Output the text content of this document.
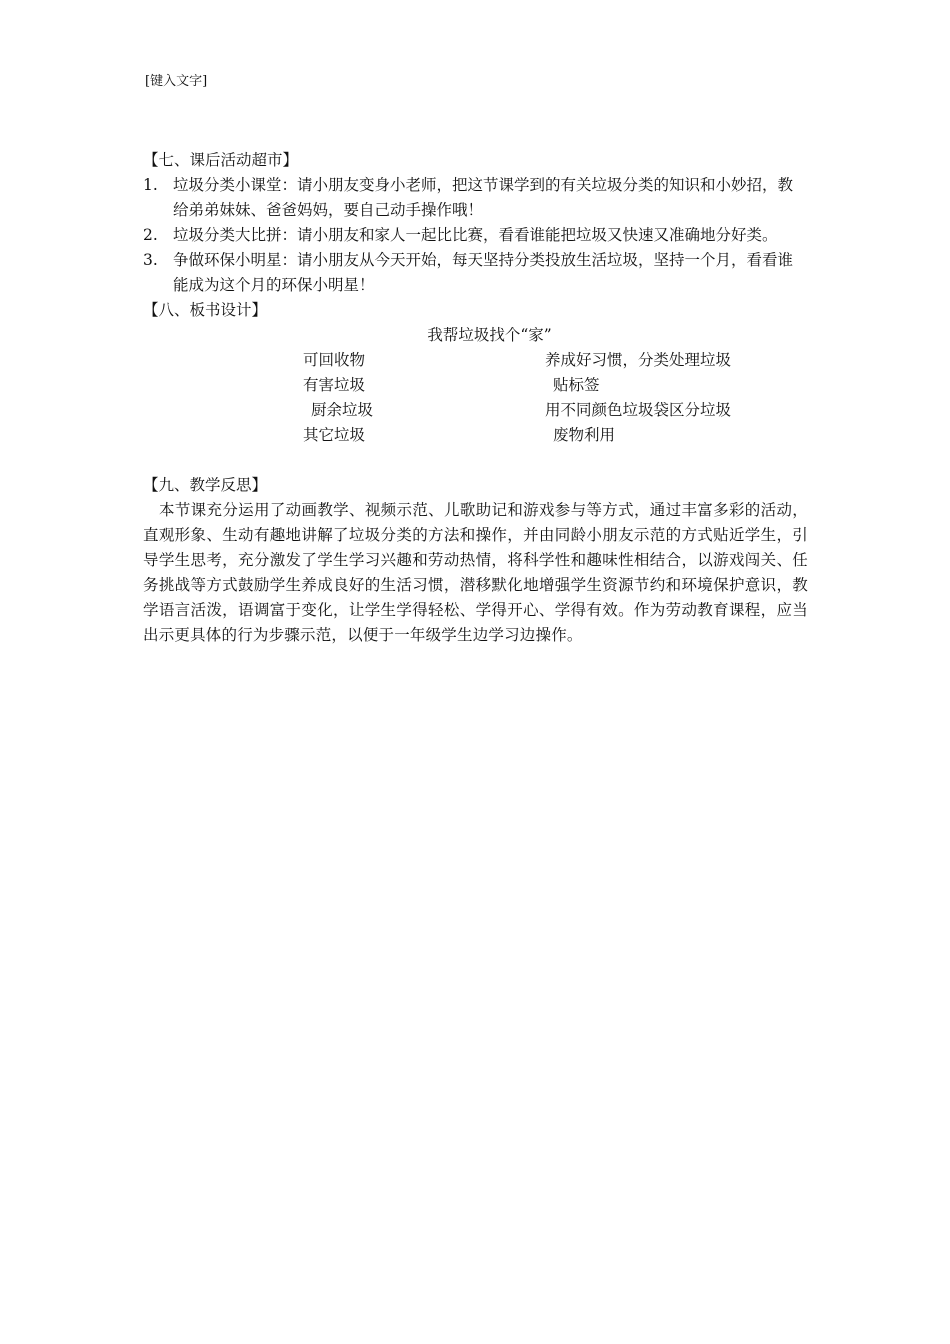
[键入文字]

【七、课后活动超市】

1. 垃圾分类小课堂：请小朋友变身小老师，把这节课学到的有关垃圾分类的知识和小妙招，教给弟弟妹妹、爸爸妈妈，要自己动手操作哦！
2. 垃圾分类大比拼：请小朋友和家人一起比比赛，看看谁能把垃圾又快速又准确地分好类。
3. 争做环保小明星：请小朋友从今天开始，每天坚持分类投放生活垃圾，坚持一个月，看看谁能成为这个月的环保小明星！

【八、板书设计】

我帮垃圾找个“家”
可回收物	养成好习惯，分类处理垃圾
有害垃圾	贴标签
厨余垃圾	用不同颜色垃圾袋区分垃圾
其它垃圾	废物利用

【九、教学反思】

本节课充分运用了动画教学、视频示范、儿歌助记和游戏参与等方式，通过丰富多彩的活动，直观形象、生动有趣地讲解了垃圾分类的方法和操作，并由同龄小朋友示范的方式贴近学生，引导学生思考，充分激发了学生学习兴趣和劳动热情，将科学性和趣味性相结合，以游戏闯关、任务挑战等方式鼓励学生养成良好的生活习惯，潜移默化地增强学生资源节约和环境保护意识，教学语言活泼，语调富于变化，让学生学得轻松、学得开心、学得有效。作为劳动教育课程，应当出示更具体的行为步骤示范，以便于一年级学生边学习边操作。
